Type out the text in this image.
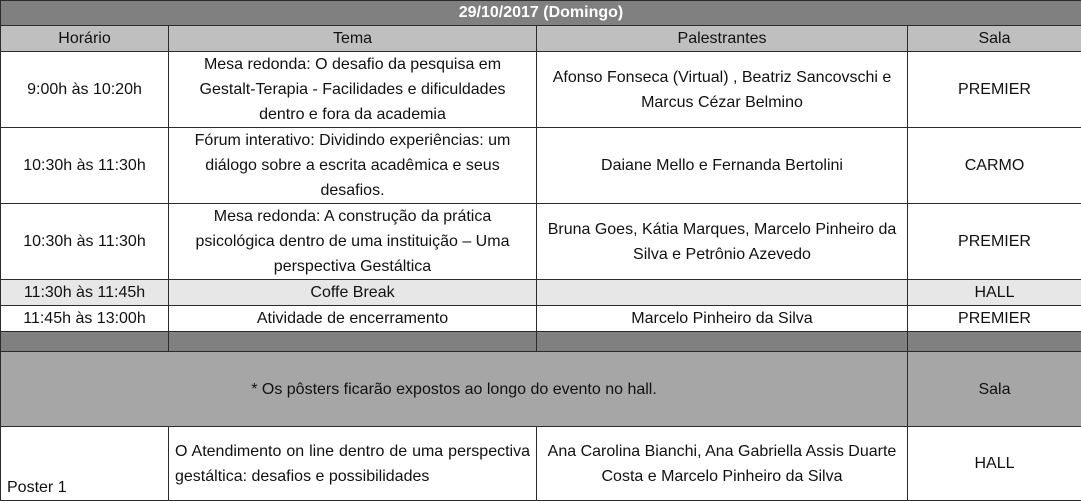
29/10/2017 (Domingo)			
Horário	Tema	Palestrantes	Sala
9:00h às 10:20h	Mesa redonda: O desafio da pesquisa em Gestalt-Terapia - Facilidades e dificuldades dentro e fora da academia	Afonso Fonseca (Virtual) , Beatriz Sancovschi e Marcus Cézar Belmino	PREMIER
10:30h às 11:30h	Fórum interativo: Dividindo experiências: um diálogo sobre a escrita acadêmica e seus desafios.	Daiane Mello e Fernanda Bertolini	CARMO
10:30h às 11:30h	Mesa redonda: A construção da prática psicológica dentro de uma instituição – Uma perspectiva Gestáltica	Bruna Goes, Kátia Marques, Marcelo Pinheiro da Silva e Petrônio Azevedo	PREMIER
11:30h às 11:45h	Coffe Break		HALL
11:45h às 13:00h	Atividade de encerramento	Marcelo Pinheiro da Silva	PREMIER

* Os pôsters ficarão expostos ao longo do evento no hall.			Sala
Poster 1	O Atendimento on line dentro de uma perspectiva gestáltica: desafios e possibilidades	Ana Carolina Bianchi, Ana Gabriella Assis Duarte Costa e Marcelo Pinheiro da Silva	HALL
